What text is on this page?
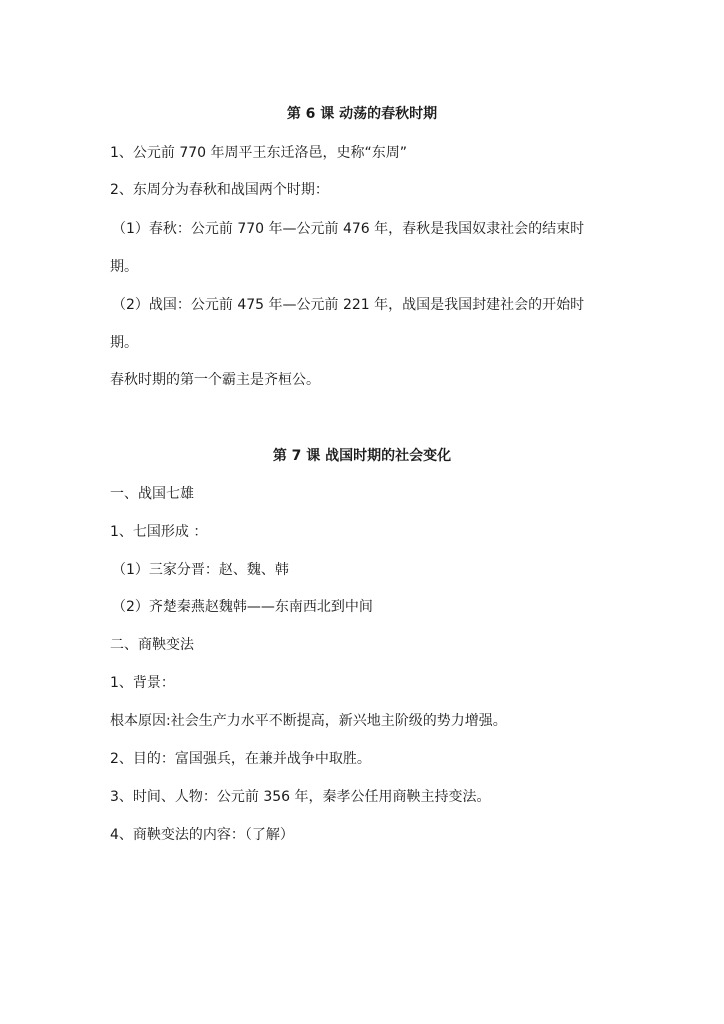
第 6 课 动荡的春秋时期
1、公元前 770 年周平王东迁洛邑，史称“东周”
2、东周分为春秋和战国两个时期：
（1）春秋：公元前 770 年—公元前 476 年，春秋是我国奴隶社会的结束时
期。
（2）战国：公元前 475 年—公元前 221 年，战国是我国封建社会的开始时
期。
春秋时期的第一个霸主是齐桓公。
第 7 课 战国时期的社会变化
一、战国七雄
1、七国形成 ：
（1）三家分晋：赵、魏、韩
（2）齐楚秦燕赵魏韩——东南西北到中间
二、商鞅变法
1、背景：
根本原因:社会生产力水平不断提高，新兴地主阶级的势力增强。
2、目的：富国强兵，在兼并战争中取胜。
3、时间、人物：公元前 356 年，秦孝公任用商鞅主持变法。
4、商鞅变法的内容：（了解）
